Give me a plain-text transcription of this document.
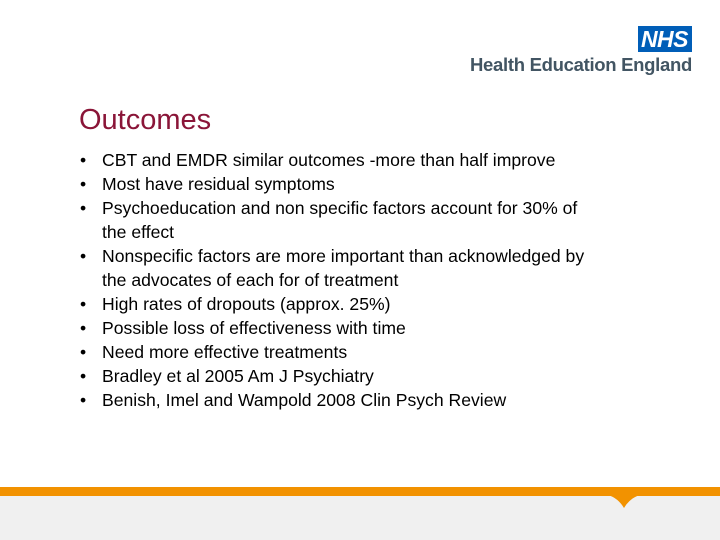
NHS
Health Education England
Outcomes
• CBT and EMDR similar outcomes -more than half improve
• Most have residual symptoms
• Psychoeducation and non specific factors account for 30% of the effect
• Nonspecific factors are more important than acknowledged by the advocates of each for of treatment
• High rates of dropouts (approx. 25%)
• Possible loss of effectiveness with time
• Need more effective treatments
• Bradley et al 2005 Am J Psychiatry
• Benish, Imel and Wampold 2008 Clin Psych Review
